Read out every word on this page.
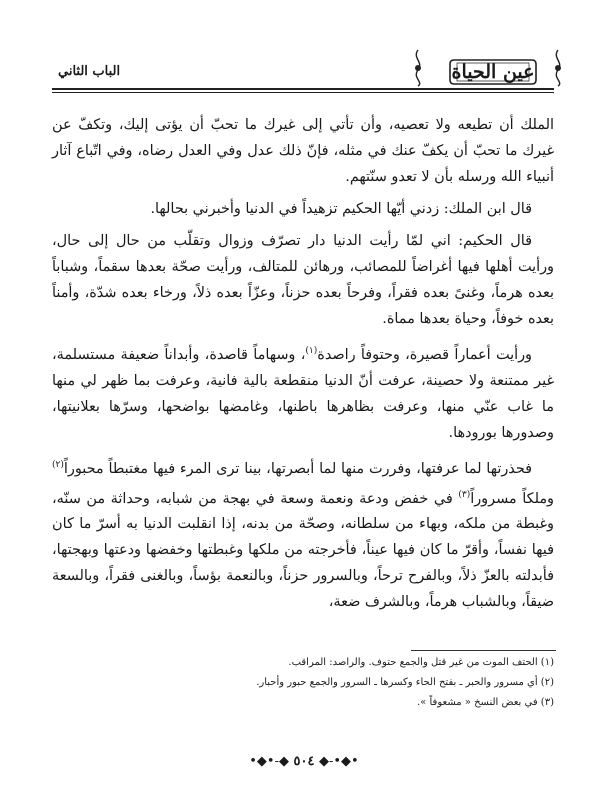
عين الحياة
الباب الثاني

الملك أن تطيعه ولا تعصيه، وأن تأتي إلى غيرك ما تحبّ أن يؤتى إليك، وتكفّ عن غيرك ما تحبّ أن يكفّ عنك في مثله، فإنّ ذلك عدل وفي العدل رضاه، وفي اتّباع آثار أنبياء الله ورسله بأن لا تعدو سنّتهم.

قال ابن الملك: زدني أيّها الحكيم تزهيداً في الدنيا وأخبرني بحالها.

قال الحكيم: اني لمّا رأيت الدنيا دار تصرّف وزوال وتقلّب من حال إلى حال، ورأيت أهلها فيها أغراضاً للمصائب، ورهائن للمتالف، ورأيت صحّة بعدها سقماً، وشباباً بعده هرماً، وغنىً بعده فقراً، وفرحاً بعده حزناً، وعزّاً بعده ذلاً، ورخاء بعده شدّة، وأمناً بعده خوفاً، وحياة بعدها مماة.

ورأيت أعماراً قصيرة، وحتوفاً راصدة$^{(١)}$، وسهاماً قاصدة، وأبداناً ضعيفة مستسلمة، غير ممتنعة ولا حصينة، عرفت أنّ الدنيا منقطعة بالية فانية، وعرفت بما ظهر لي منها ما غاب عنّي منها، وعرفت بظاهرها باطنها، وغامضها بواضحها، وسرّها بعلانيتها، وصدورها بورودها.

فحذرتها لما عرفتها، وفررت منها لما أبصرتها، بينا ترى المرء فيها مغتبطاً محبوراً$^{(٢)}$ وملكاً مسروراً$^{(٣)}$ في خفض ودعة ونعمة وسعة في بهجة من شبابه، وحداثة من سنّه، وغبطة من ملكه، وبهاء من سلطانه، وصحّة من بدنه، إذا انقلبت الدنيا به أسرّ ما كان فيها نفساً، وأقرّ ما كان فيها عيناً، فأخرجته من ملكها وغبطتها وخفضها ودعتها وبهجتها، فأبدلته بالعزّ ذلاً، وبالفرح ترحاً، وبالسرور حزناً، وبالنعمة بؤساً، وبالغنى فقراً، وبالسعة ضيقاً، وبالشباب هرماً، وبالشرف ضعة،

(١) الحتف الموت من غير قتل والجمع حتوف. والراصد: المراقب.
(٢) أي مسرور والحبر ـ بفتح الحاء وكسرها ـ السرور والجمع حبور وأحبار.
(٣) في بعض النسخ « مشعوفاً ».
•◆•-◆ ٥٠٤ ◆-•◆•
